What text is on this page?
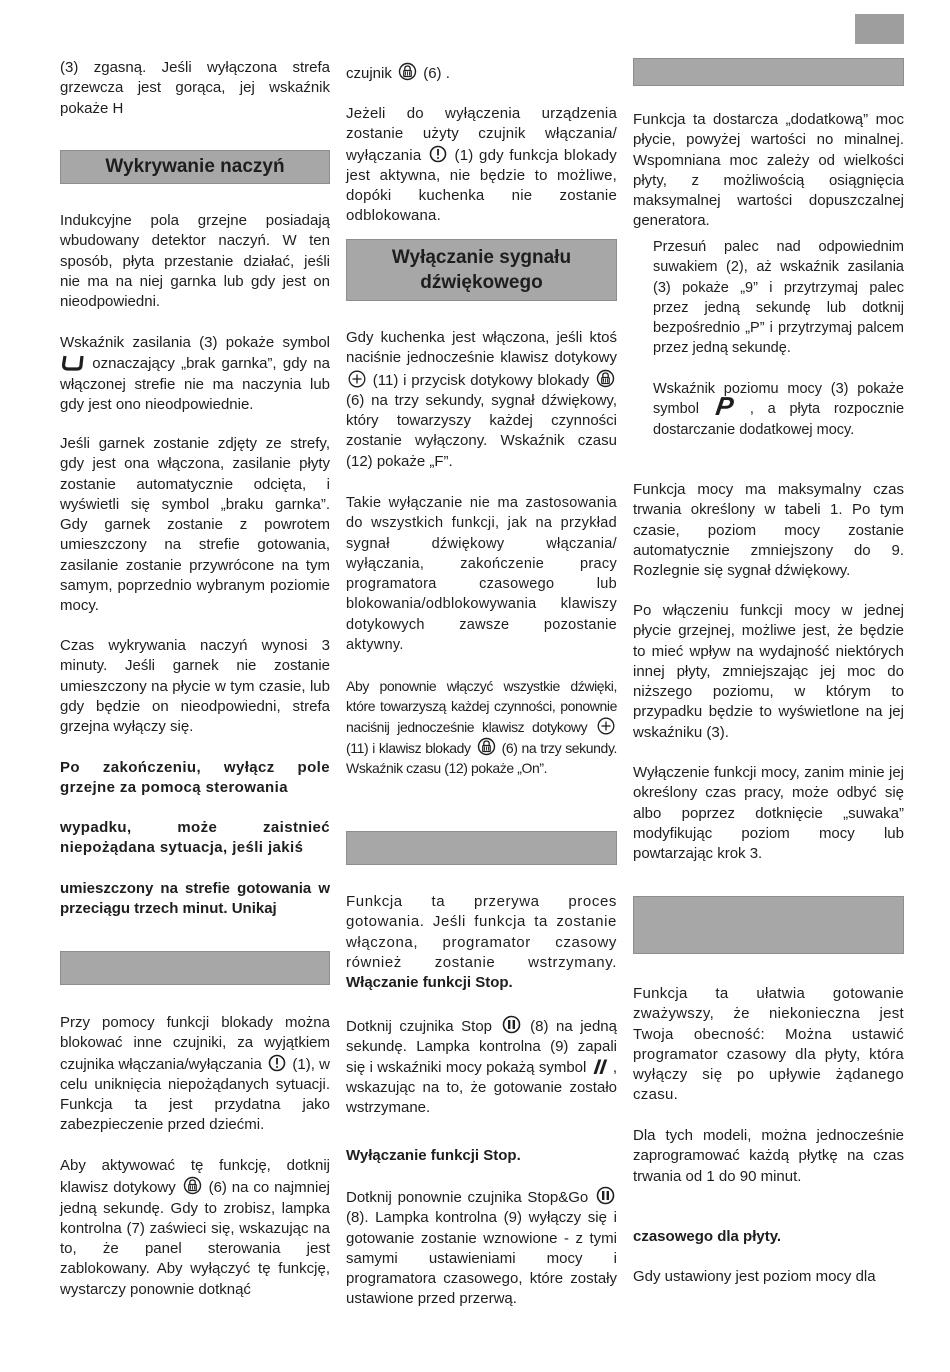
(3) zgasną. Jeśli wyłączona strefa grzewcza jest gorąca, jej wskaźnik pokaże H

Wykrywanie naczyń

Indukcyjne pola grzejne posiadają wbudowany detektor naczyń. W ten sposób, płyta przestanie działać, jeśli nie ma na niej garnka lub gdy jest on nieodpowiedni.

Wskaźnik zasilania (3) pokaże symbol  oznaczający „brak garnka”, gdy na włączonej strefie nie ma naczynia lub gdy jest ono nieodpowiednie.

Jeśli garnek zostanie zdjęty ze strefy, gdy jest ona włączona, zasilanie płyty zostanie automatycznie odcięta, i wyświetli się symbol „braku garnka”. Gdy garnek zostanie z powrotem umieszczony na strefie gotowania, zasilanie zostanie przywrócone na tym samym, poprzednio wybranym poziomie mocy.

Czas wykrywania naczyń wynosi 3 minuty. Jeśli garnek nie zostanie umieszczony na płycie w tym czasie, lub gdy będzie on nieodpowiedni, strefa grzejna wyłączy się.

Po zakończeniu, wyłącz pole grzejne za pomocą sterowania

wypadku, może zaistnieć niepożądana sytuacja, jeśli jakiś

umieszczony na strefie gotowania w przeciągu trzech minut. Unikaj

Przy pomocy funkcji blokady można blokować inne czujniki, za wyjątkiem czujnika włączania/wyłączania (1), w celu uniknięcia niepożądanych sytuacji. Funkcja ta jest przydatna jako zabezpieczenie przed dziećmi.

Aby aktywować tę funkcję, dotknij klawisz dotykowy (6) na co najmniej jedną sekundę. Gdy to zrobisz, lampka kontrolna (7) zaświeci się, wskazując na to, że panel sterowania jest zablokowany. Aby wyłączyć tę funkcję, wystarczy ponownie dotknąć

czujnik (6) .

Jeżeli do wyłączenia urządzenia zostanie użyty czujnik włączania/ wyłączania (1) gdy funkcja blokady jest aktywna, nie będzie to możliwe, dopóki kuchenka nie zostanie odblokowana.

Wyłączanie sygnału
dźwiękowego

Gdy kuchenka jest włączona, jeśli ktoś naciśnie jednocześnie klawisz dotykowy  (11) i przycisk dotykowy blokady  (6) na trzy sekundy, sygnał dźwiękowy, który towarzyszy każdej czynności zostanie wyłączony. Wskaźnik czasu (12) pokaże „F”.

Takie wyłączanie nie ma zastosowania do wszystkich funkcji, jak na przykład sygnał dźwiękowy włączania/ wyłączania, zakończenie pracy programatora czasowego lub blokowania/odblokowywania klawiszy dotykowych zawsze pozostanie aktywny.

Aby ponownie włączyć wszystkie dźwięki, które towarzyszą każdej czynności, ponownie naciśnij jednocześnie klawisz dotykowy  (11) i klawisz blokady (6) na trzy sekundy. Wskaźnik czasu (12) pokaże „On”.

Funkcja ta przerywa proces gotowania. Jeśli funkcja ta zostanie włączona, programator czasowy również zostanie wstrzymany. Włączanie funkcji Stop.

Dotknij czujnika Stop	(8) na jedną sekundę. Lampka kontrolna (9) zapali się i wskaźniki mocy pokażą symbol II , wskazując na to, że gotowanie zostało wstrzymane.

Wyłączanie funkcji Stop.

Dotknij ponownie czujnika Stop&Go  (8). Lampka kontrolna (9) wyłączy się i gotowanie zostanie wznowione - z tymi samymi ustawieniami mocy i programatora czasowego, które zostały ustawione przed przerwą.

Funkcja ta dostarcza „dodatkową” moc płycie, powyżej wartości no minalnej. Wspomniana moc zależy od wielkości płyty, z możliwością osiągnięcia maksymalnej wartości dopuszczalnej generatora.

Przesuń palec nad odpowiednim suwakiem (2), aż wskaźnik zasilania (3) pokaże „9” i przytrzymaj palec przez jedną sekundę lub dotknij bezpośrednio „P” i przytrzymaj palcem przez jedną sekundę.

Wskaźnik poziomu mocy (3) pokaże symbol P , a płyta rozpocznie dostarczanie dodatkowej mocy.

Funkcja mocy ma maksymalny czas trwania określony w tabeli 1. Po tym czasie, poziom mocy zostanie automatycznie zmniejszony do 9. Rozlegnie się sygnał dźwiękowy.

Po włączeniu funkcji mocy w jednej płycie grzejnej, możliwe jest, że będzie to mieć wpływ na wydajność niektórych innej płyty, zmniejszając jej moc do niższego poziomu, w którym to przypadku będzie to wyświetlone na jej wskaźniku (3).

Wyłączenie funkcji mocy, zanim minie jej określony czas pracy, może odbyć się albo poprzez dotknięcie „suwaka” modyfikując poziom mocy lub powtarzając krok 3.

Funkcja ta ułatwia gotowanie zważywszy, że niekonieczna jest Twoja obecność: Można ustawić programator czasowy dla płyty, która wyłączy się po upływie żądanego czasu.

Dla tych modeli, można jednocześnie zaprogramować każdą płytkę na czas trwania od 1 do 90 minut.

czasowego dla płyty.

Gdy ustawiony jest poziom mocy dla
